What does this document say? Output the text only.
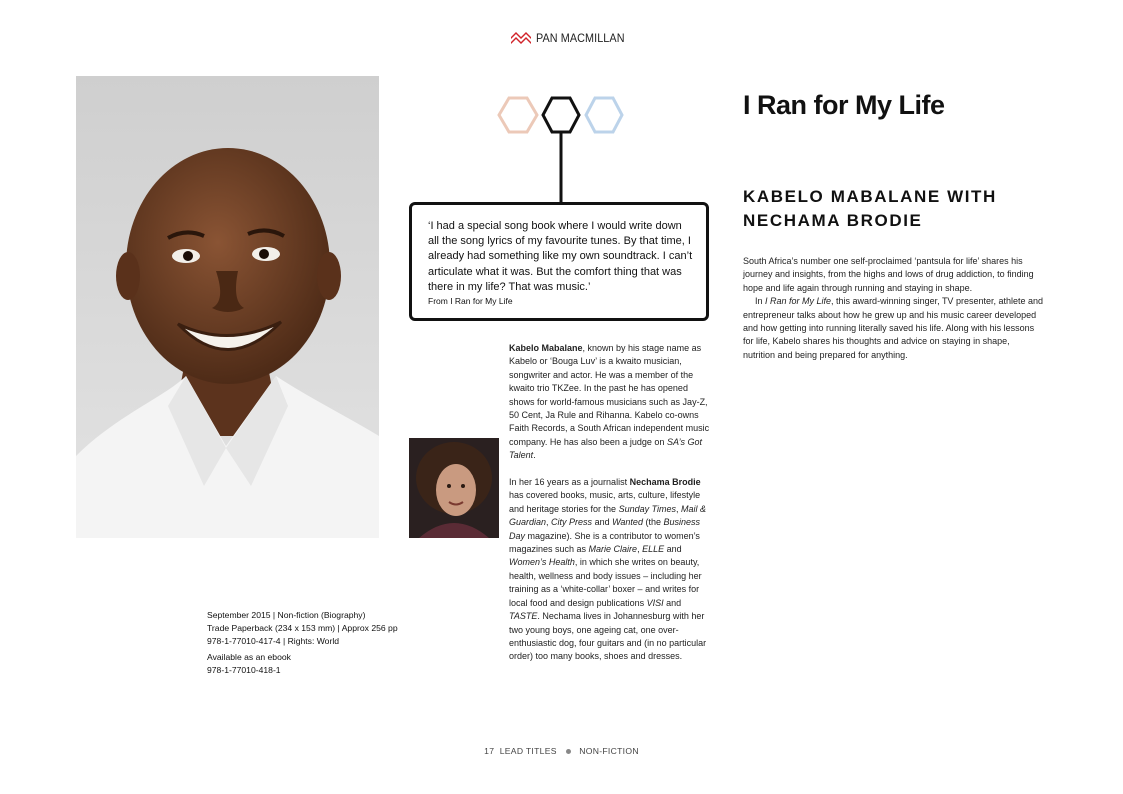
PAN MACMILLAN

‘I had a special song book where I would write down all the song lyrics of my favourite tunes. By that time, I already had something like my own soundtrack. I can’t articulate what it was. But the comfort thing that was there in my life? That was music.’

From I Ran for My Life

Kabelo Mabalane, known by his stage name as Kabelo or ‘Bouga Luv’ is a kwaito musician, songwriter and actor. He was a member of the kwaito trio TKZee. In the past he has opened shows for world-famous musicians such as Jay-Z, 50 Cent, Ja Rule and Rihanna. Kabelo co-owns Faith Records, a South African independent music company. He has also been a judge on SA’s Got Talent.

In her 16 years as a journalist Nechama Brodie has covered books, music, arts, culture, lifestyle and heritage stories for the Sunday Times, Mail & Guardian, City Press and Wanted (the Business Day magazine). She is a contributor to women’s magazines such as Marie Claire, ELLE and Women’s Health, in which she writes on beauty, health, wellness and body issues – including her training as a ‘white-collar’ boxer – and writes for local food and design publications VISI and TASTE. Nechama lives in Johannesburg with her two young boys, one ageing cat, one over-enthusiastic dog, four guitars and (in no particular order) too many books, shoes and dresses.

September 2015 | Non-fiction (Biography)
Trade Paperback (234 x 153 mm) | Approx 256 pp
978-1-77010-417-4 | Rights: World
Available as an ebook
978-1-77010-418-1
I Ran for My Life
KABELO MABALANE WITH NECHAMA BRODIE

South Africa’s number one self-proclaimed ‘pantsula for life’ shares his journey and insights, from the highs and lows of drug addiction, to finding hope and life again through running and staying in shape.

In I Ran for My Life, this award-winning singer, TV presenter, athlete and entrepreneur talks about how he grew up and his music career developed and how getting into running literally saved his life. Along with his lessons for life, Kabelo shares his thoughts and advice on staying in shape, nutrition and being prepared for anything.

17 LEAD TITLES	NON-FICTION
